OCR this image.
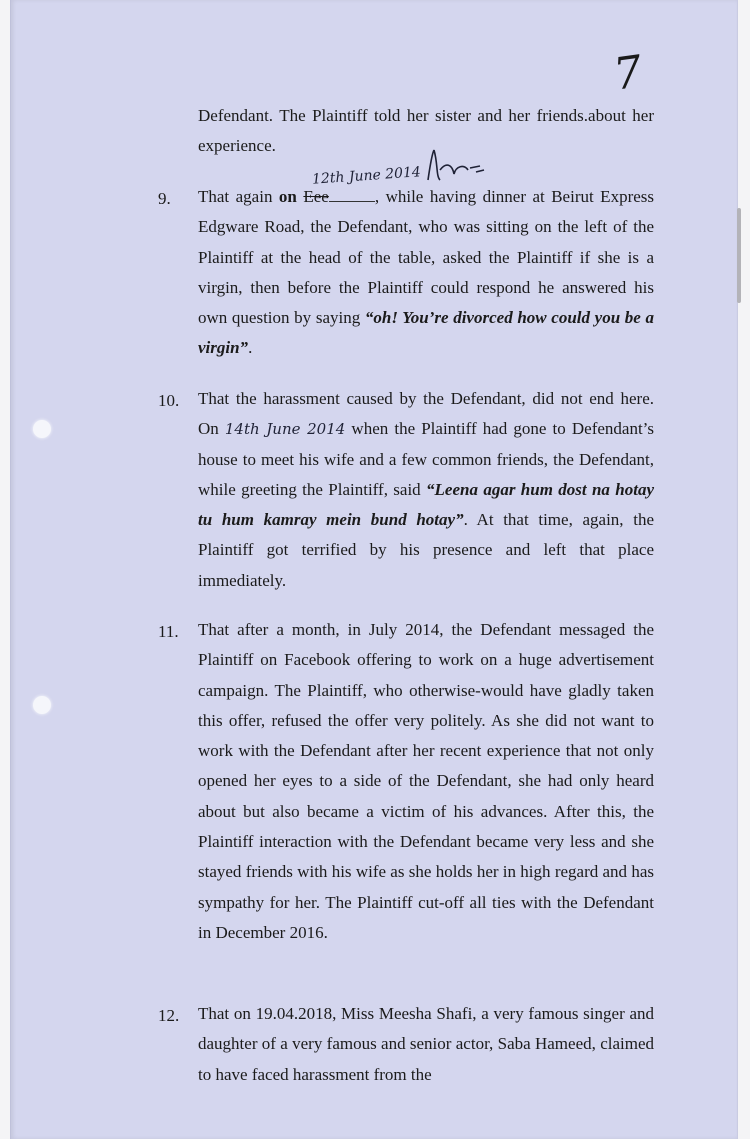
7
Defendant. The Plaintiff told her sister and her friends.about her experience.
12th June 2014
9. That again on Eee	, while having dinner at Beirut Express Edgware Road, the Defendant, who was sitting on the left of the Plaintiff at the head of the table, asked the Plaintiff if she is a virgin, then before the Plaintiff could respond he answered his own question by saying “oh! You’re divorced how could you be a virgin”.
10. That the harassment caused by the Defendant, did not end here. On 14th June 2014 when the Plaintiff had gone to Defendant’s house to meet his wife and a few common friends, the Defendant, while greeting the Plaintiff, said “Leena agar hum dost na hotay tu hum kamray mein bund hotay”. At that time, again, the Plaintiff got terrified by his presence and left that place immediately.
11. That after a month, in July 2014, the Defendant messaged the Plaintiff on Facebook offering to work on a huge advertisement campaign. The Plaintiff, who otherwise-would have gladly taken this offer, refused the offer very politely. As she did not want to work with the Defendant after her recent experience that not only opened her eyes to a side of the Defendant, she had only heard about but also became a victim of his advances. After this, the Plaintiff interaction with the Defendant became very less and she stayed friends with his wife as she holds her in high regard and has sympathy for her. The Plaintiff cut-off all ties with the Defendant in December 2016.
12. That on 19.04.2018, Miss Meesha Shafi, a very famous singer and daughter of a very famous and senior actor, Saba Hameed, claimed to have faced harassment from the
